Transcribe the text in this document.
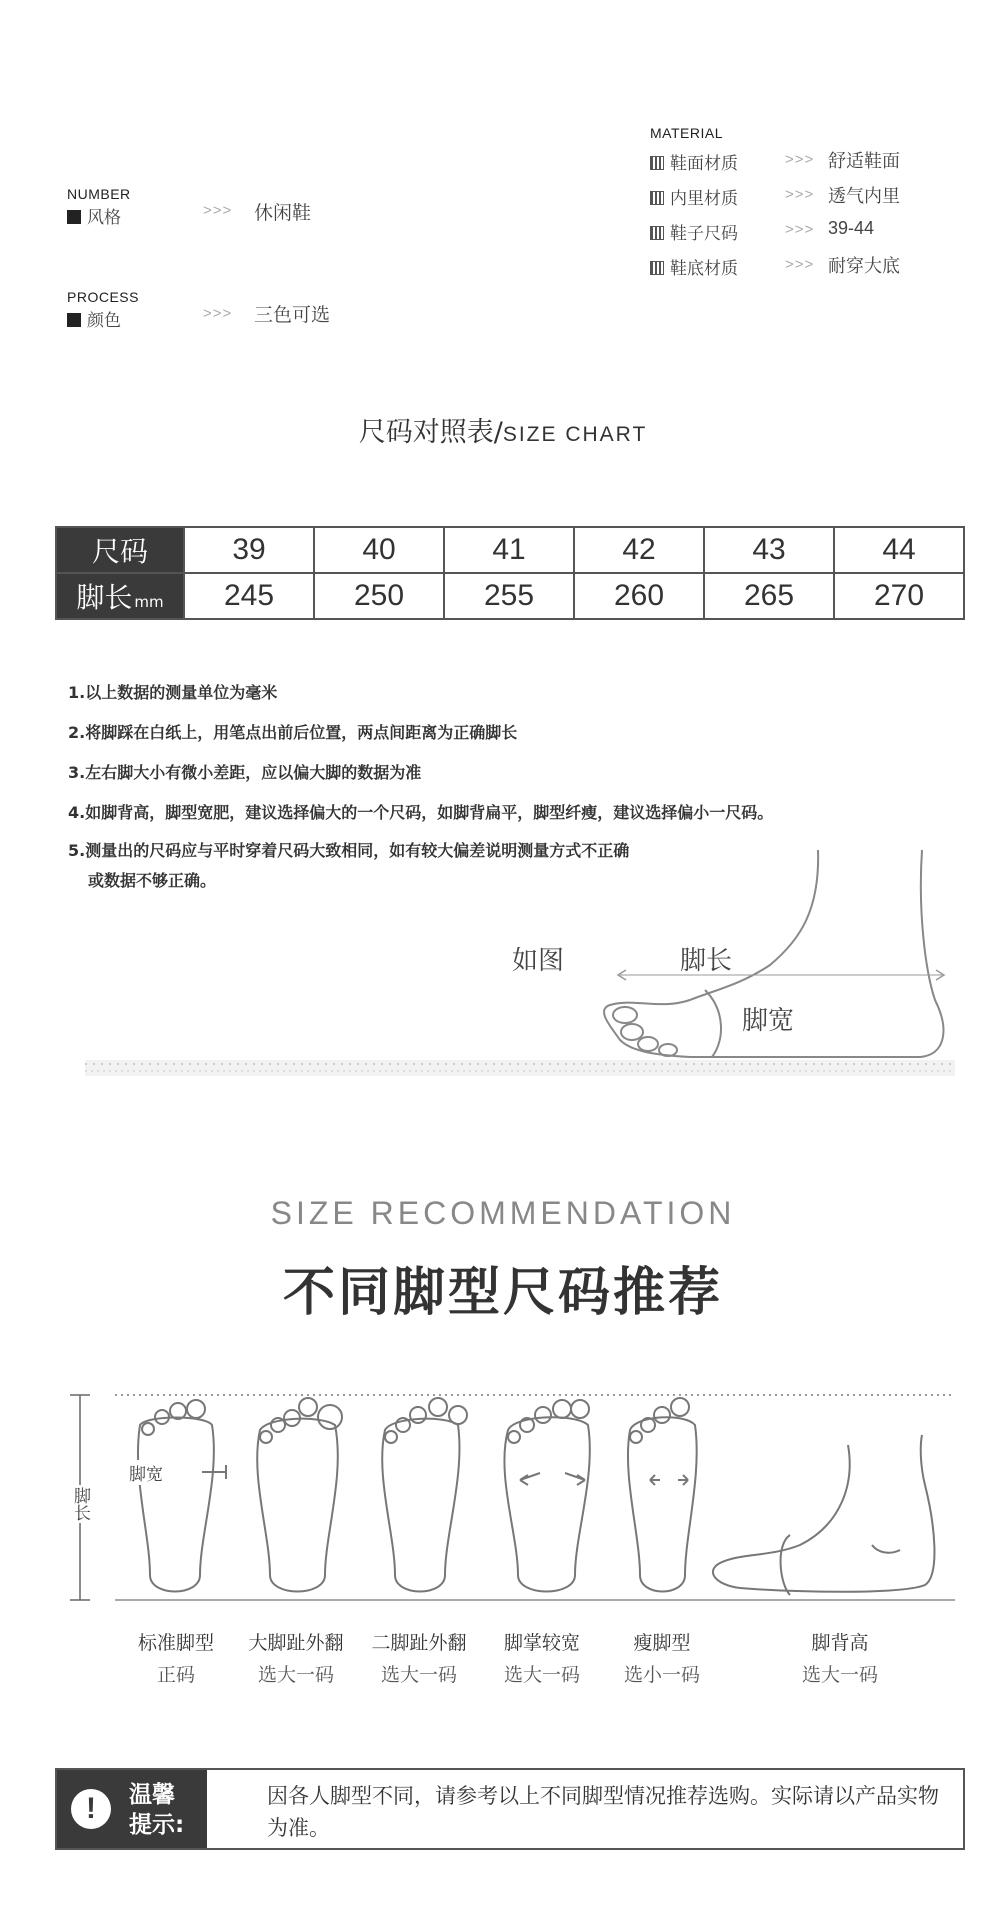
NUMBER
风格	>>> 休闲鞋
PROCESS
颜色	>>> 三色可选
MATERIAL
鞋面材质	>>> 舒适鞋面
内里材质	>>> 透气内里
鞋子尺码	>>> 39-44
鞋底材质	>>> 耐穿大底
尺码对照表/SIZE CHART
尺码	39	40	41	42	43	44
脚长 mm	245	250	255	260	265	270
1.以上数据的测量单位为毫米
2.将脚踩在白纸上，用笔点出前后位置，两点间距离为正确脚长
3.左右脚大小有微小差距，应以偏大脚的数据为准
4.如脚背高，脚型宽肥，建议选择偏大的一个尺码，如脚背扁平，脚型纤瘦，建议选择偏小一尺码。
5.测量出的尺码应与平时穿着尺码大致相同，如有较大偏差说明测量方式不正确
或数据不够正确。
如图	脚长
脚宽
SIZE RECOMMENDATION
不同脚型尺码推荐
脚宽
脚长
标准脚型
正码
大脚趾外翻
选大一码
二脚趾外翻
选大一码
脚掌较宽
选大一码
瘦脚型
选小一码
脚背高
选大一码
!	温馨
提示:
因各人脚型不同，请参考以上不同脚型情况推荐选购。实际请以产品实物为准。
